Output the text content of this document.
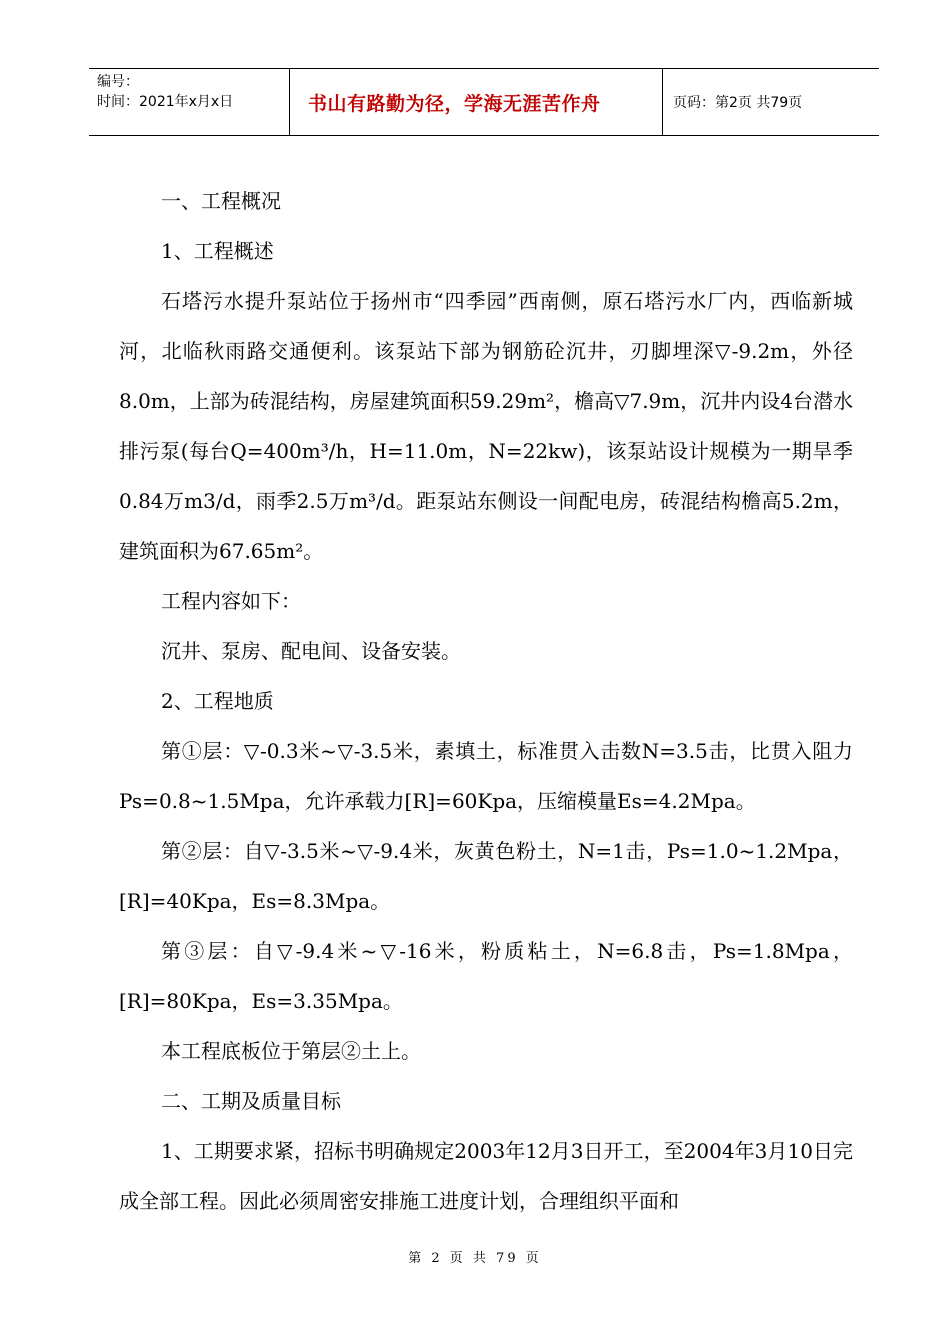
编号：
时间：2021年x月x日	书山有路勤为径，学海无涯苦作舟	页码：第2页 共79页

一、工程概况

1、工程概述

石塔污水提升泵站位于扬州市“四季园”西南侧，原石塔污水厂内，西临新城河，北临秋雨路交通便利。该泵站下部为钢筋砼沉井，刃脚埋深▽-9.2m，外径8.0m，上部为砖混结构，房屋建筑面积59.29m²，檐高▽7.9m，沉井内设4台潜水排污泵(每台Q=400m³/h，H=11.0m，N=22kw)，该泵站设计规模为一期旱季0.84万m3/d，雨季2.5万m³/d。距泵站东侧设一间配电房，砖混结构檐高5.2m，建筑面积为67.65m²。

工程内容如下：

沉井、泵房、配电间、设备安装。

2、工程地质

第①层：▽-0.3米~▽-3.5米，素填土，标准贯入击数N=3.5击，比贯入阻力Ps=0.8~1.5Mpa，允许承载力[R]=60Kpa，压缩模量Es=4.2Mpa。

第②层：自▽-3.5米~▽-9.4米，灰黄色粉土，N=1击，Ps=1.0~1.2Mpa，[R]=40Kpa，Es=8.3Mpa。

第③层：自▽-9.4米~▽-16米，粉质粘土，N=6.8击，Ps=1.8Mpa，[R]=80Kpa，Es=3.35Mpa。

本工程底板位于第层②土上。

二、工期及质量目标

1、工期要求紧，招标书明确规定2003年12月3日开工，至2004年3月10日完成全部工程。因此必须周密安排施工进度计划，合理组织平面和

第 2 页 共 79 页
